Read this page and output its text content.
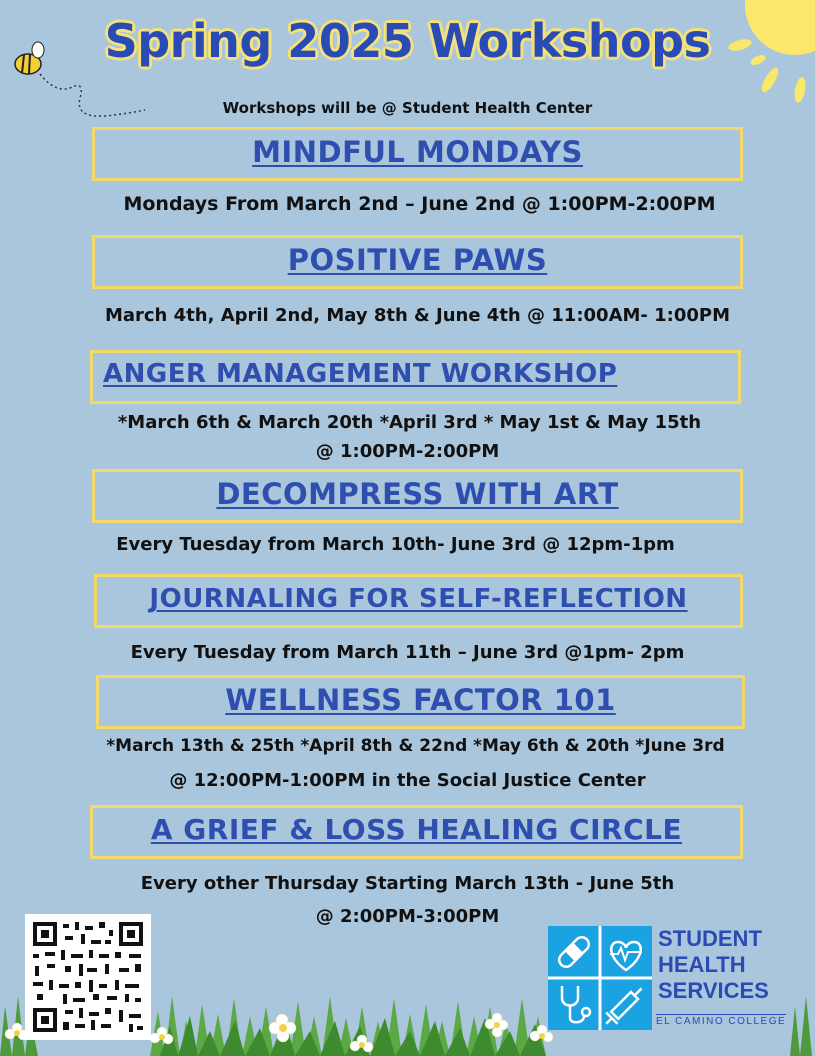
Spring 2025 Workshops
Workshops will be @ Student Health Center
MINDFUL MONDAYS
Mondays From March 2nd – June 2nd @ 1:00PM-2:00PM
POSITIVE PAWS
March 4th, April 2nd, May 8th & June 4th @ 11:00AM- 1:00PM
ANGER MANAGEMENT WORKSHOP
*March 6th & March 20th *April 3rd * May 1st & May 15th
@ 1:00PM-2:00PM
DECOMPRESS WITH ART
Every Tuesday from March 10th- June 3rd @ 12pm-1pm
JOURNALING FOR SELF-REFLECTION
Every Tuesday from March 11th – June 3rd @1pm- 2pm
WELLNESS FACTOR 101
*March 13th & 25th *April 8th & 22nd *May 6th & 20th *June 3rd
@ 12:00PM-1:00PM in the Social Justice Center
A GRIEF & LOSS HEALING CIRCLE
Every other Thursday Starting March 13th - June 5th
@ 2:00PM-3:00PM
STUDENT
HEALTH
SERVICES
EL CAMINO COLLEGE
